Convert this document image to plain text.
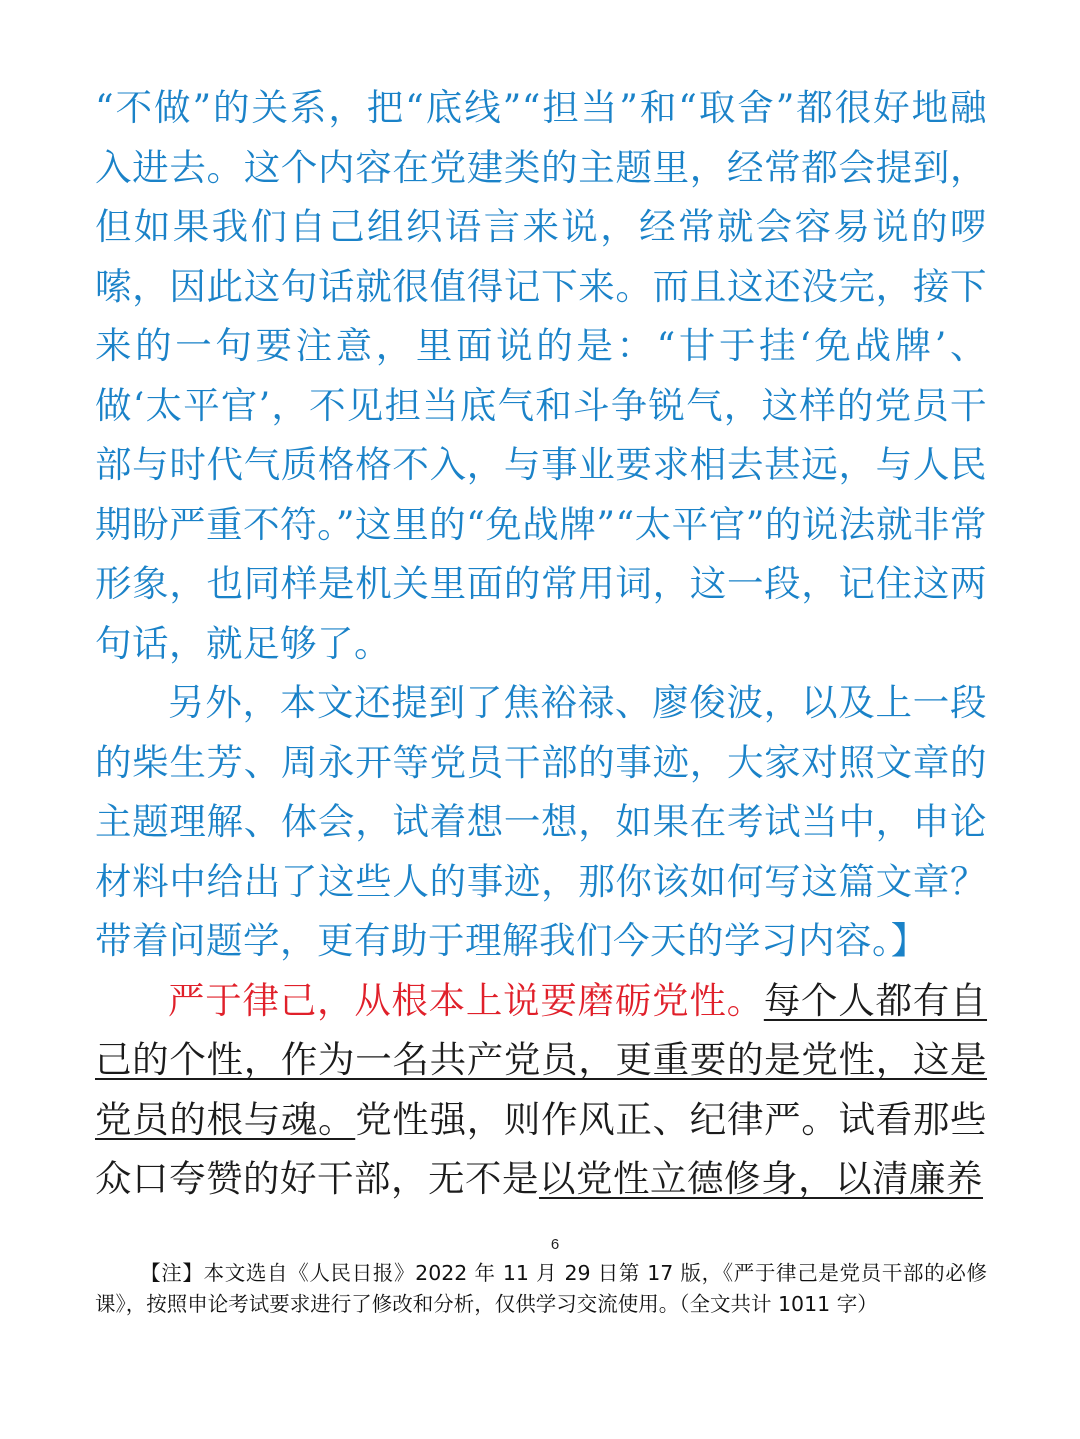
“不做”的关系，把“底线”“担当”和“取舍”都很好地融入进去。这个内容在党建类的主题里，经常都会提到，但如果我们自己组织语言来说，经常就会容易说的啰嗦，因此这句话就很值得记下来。而且这还没完，接下来的一句要注意，里面说的是：“甘于挂‘免战牌’、做‘太平官’，不见担当底气和斗争锐气，这样的党员干部与时代气质格格不入，与事业要求相去甚远，与人民期盼严重不符。”这里的“免战牌”“太平官”的说法就非常形象，也同样是机关里面的常用词，这一段，记住这两句话，就足够了。

另外，本文还提到了焦裕禄、廖俊波，以及上一段的柴生芳、周永开等党员干部的事迹，大家对照文章的主题理解、体会，试着想一想，如果在考试当中，申论材料中给出了这些人的事迹，那你该如何写这篇文章？带着问题学，更有助于理解我们今天的学习内容。】

严于律己，从根本上说要磨砺党性。每个人都有自己的个性，作为一名共产党员，更重要的是党性，这是党员的根与魂。党性强，则作风正、纪律严。试看那些众口夸赞的好干部，无不是以党性立德修身，以清廉养

6

【注】本文选自《人民日报》2022 年 11 月 29 日第 17 版，《严于律己是党员干部的必修课》，按照申论考试要求进行了修改和分析，仅供学习交流使用。（全文共计 1011 字）
